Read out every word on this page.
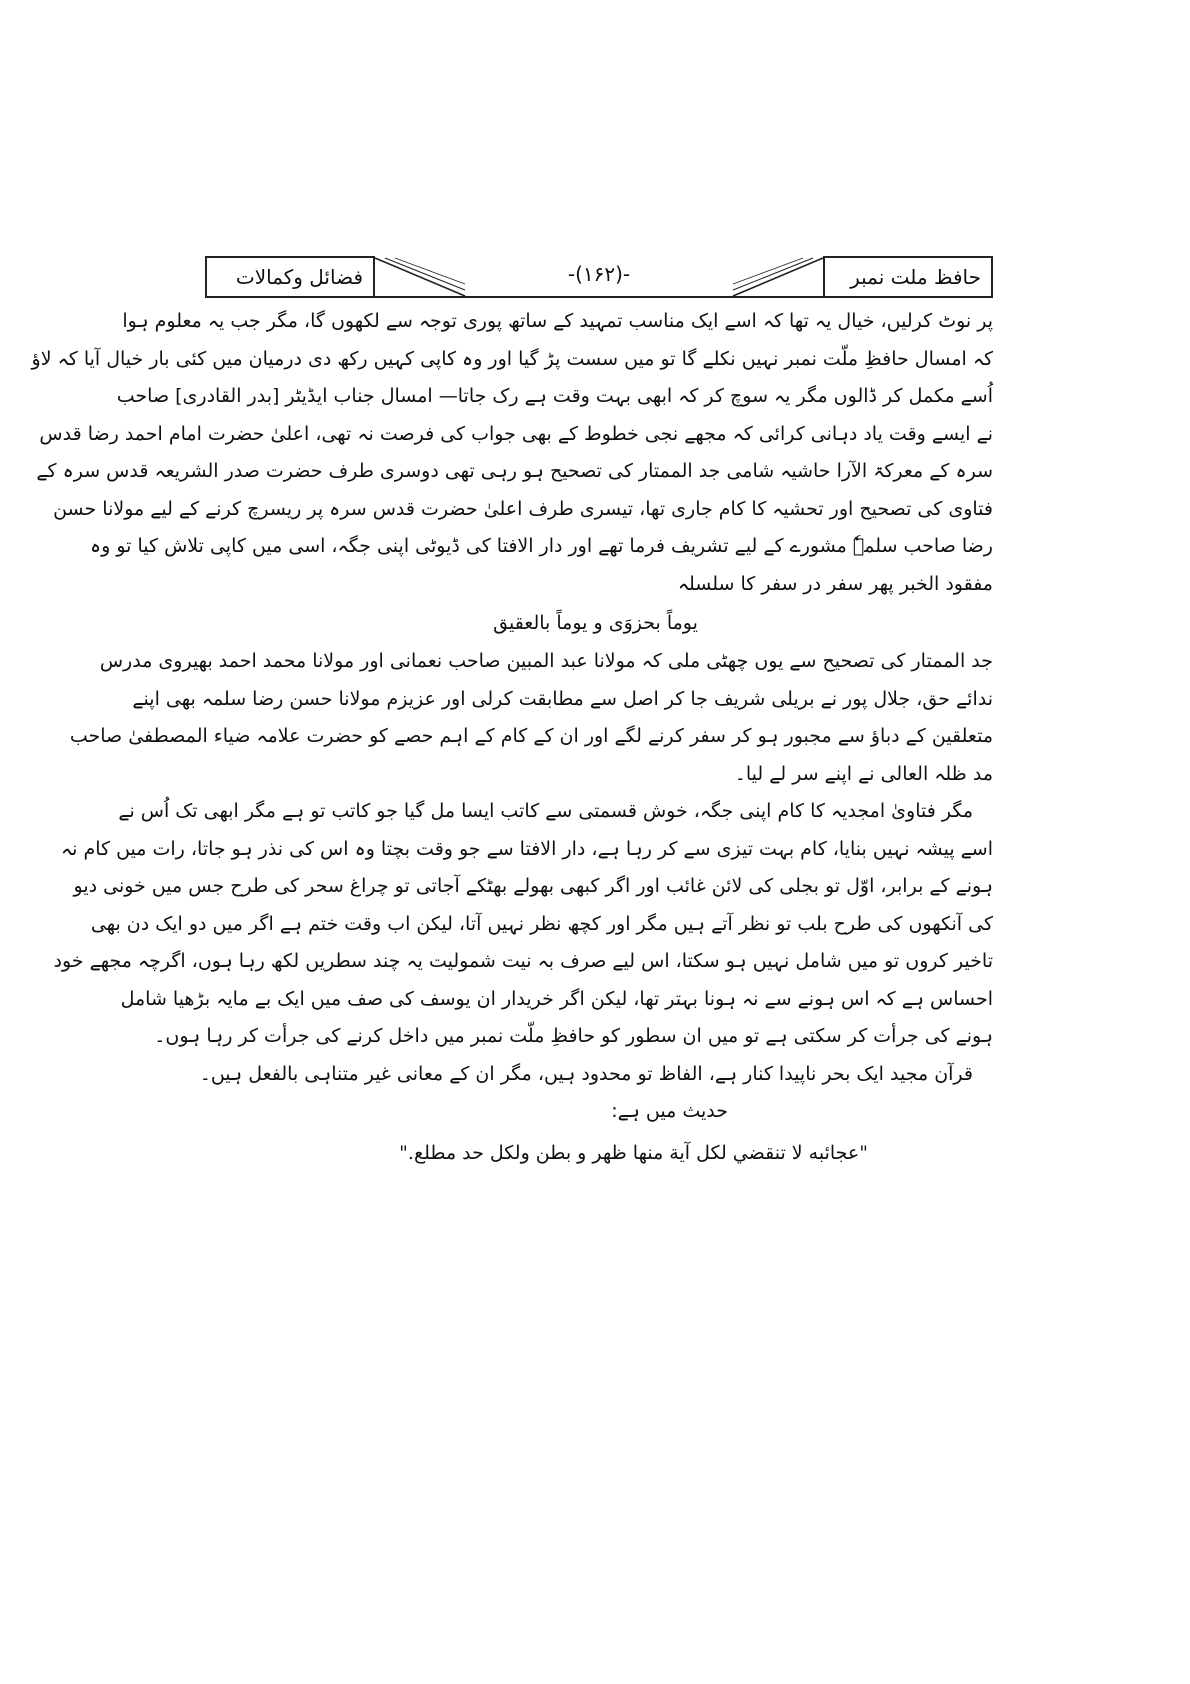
حافظ ملت نمبر
-(۱۶۲)-
فضائل وکمالات
پر نوٹ کرلیں، خیال یہ تھا کہ اسے ایک مناسب تمہید کے ساتھ پوری توجہ سے لکھوں گا، مگر جب یہ معلوم ہوا
کہ امسال حافظِ ملّت نمبر نہیں نکلے گا تو میں سست پڑ گیا اور وہ کاپی کہیں رکھ دی درمیان میں کئی بار خیال آیا کہ لاؤ
اُسے مکمل کر ڈالوں مگر یہ سوچ کر کہ ابھی بہت وقت ہے رک جاتا— امسال جناب ایڈیٹر [بدر القادری] صاحب
نے ایسے وقت یاد دہانی کرائی کہ مجھے نجی خطوط کے بھی جواب کی فرصت نہ تھی، اعلیٰ حضرت امام احمد رضا قدس
سرہ کے معرکۃ الآرا حاشیہ شامی جد الممتار کی تصحیح ہو رہی تھی دوسری طرف حضرت صدر الشریعہ قدس سرہ کے
فتاوی کی تصحیح اور تحشیہ کا کام جاری تھا، تیسری طرف اعلیٰ حضرت قدس سرہ پر ریسرچ کرنے کے لیے مولانا حسن
رضا صاحب سلمہٗ مشورے کے لیے تشریف فرما تھے اور دار الافتا کی ڈیوٹی اپنی جگہ، اسی میں کاپی تلاش کیا تو وہ
مفقود الخبر پھر سفر در سفر کا سلسلہ
یوماً بحزوَی و یوماً بالعقیق
جد الممتار کی تصحیح سے یوں چھٹی ملی کہ مولانا عبد المبین صاحب نعمانی اور مولانا محمد احمد بھیروی مدرس
ندائے حق، جلال پور نے بریلی شریف جا کر اصل سے مطابقت کرلی اور عزیزم مولانا حسن رضا سلمہ بھی اپنے
متعلقین کے دباؤ سے مجبور ہو کر سفر کرنے لگے اور ان کے کام کے اہم حصے کو حضرت علامہ ضیاء المصطفیٰ صاحب
مد ظلہ العالی نے اپنے سر لے لیا۔
مگر فتاویٰ امجدیہ کا کام اپنی جگہ، خوش قسمتی سے کاتب ایسا مل گیا جو کاتب تو ہے مگر ابھی تک اُس نے
اسے پیشہ نہیں بنایا، کام بہت تیزی سے کر رہا ہے، دار الافتا سے جو وقت بچتا وہ اس کی نذر ہو جاتا، رات میں کام نہ
ہونے کے برابر، اوّل تو بجلی کی لائن غائب اور اگر کبھی بھولے بھٹکے آجاتی تو چراغ سحر کی طرح جس میں خونی دیو
کی آنکھوں کی طرح بلب تو نظر آتے ہیں مگر اور کچھ نظر نہیں آتا، لیکن اب وقت ختم ہے اگر میں دو ایک دن بھی
تاخیر کروں تو میں شامل نہیں ہو سکتا، اس لیے صرف بہ نیت شمولیت یہ چند سطریں لکھ رہا ہوں، اگرچہ مجھے خود
احساس ہے کہ اس ہونے سے نہ ہونا بہتر تھا، لیکن اگر خریدار ان یوسف کی صف میں ایک بے مایہ بڑھیا شامل
ہونے کی جرأت کر سکتی ہے تو میں ان سطور کو حافظِ ملّت نمبر میں داخل کرنے کی جرأت کر رہا ہوں۔
قرآن مجید ایک بحر ناپیدا کنار ہے، الفاظ تو محدود ہیں، مگر ان کے معانی غیر متناہی بالفعل ہیں۔
حدیث میں ہے:
"عجائبه لا تنقضي لكل آية منها ظهر و بطن ولكل حد مطلع."
